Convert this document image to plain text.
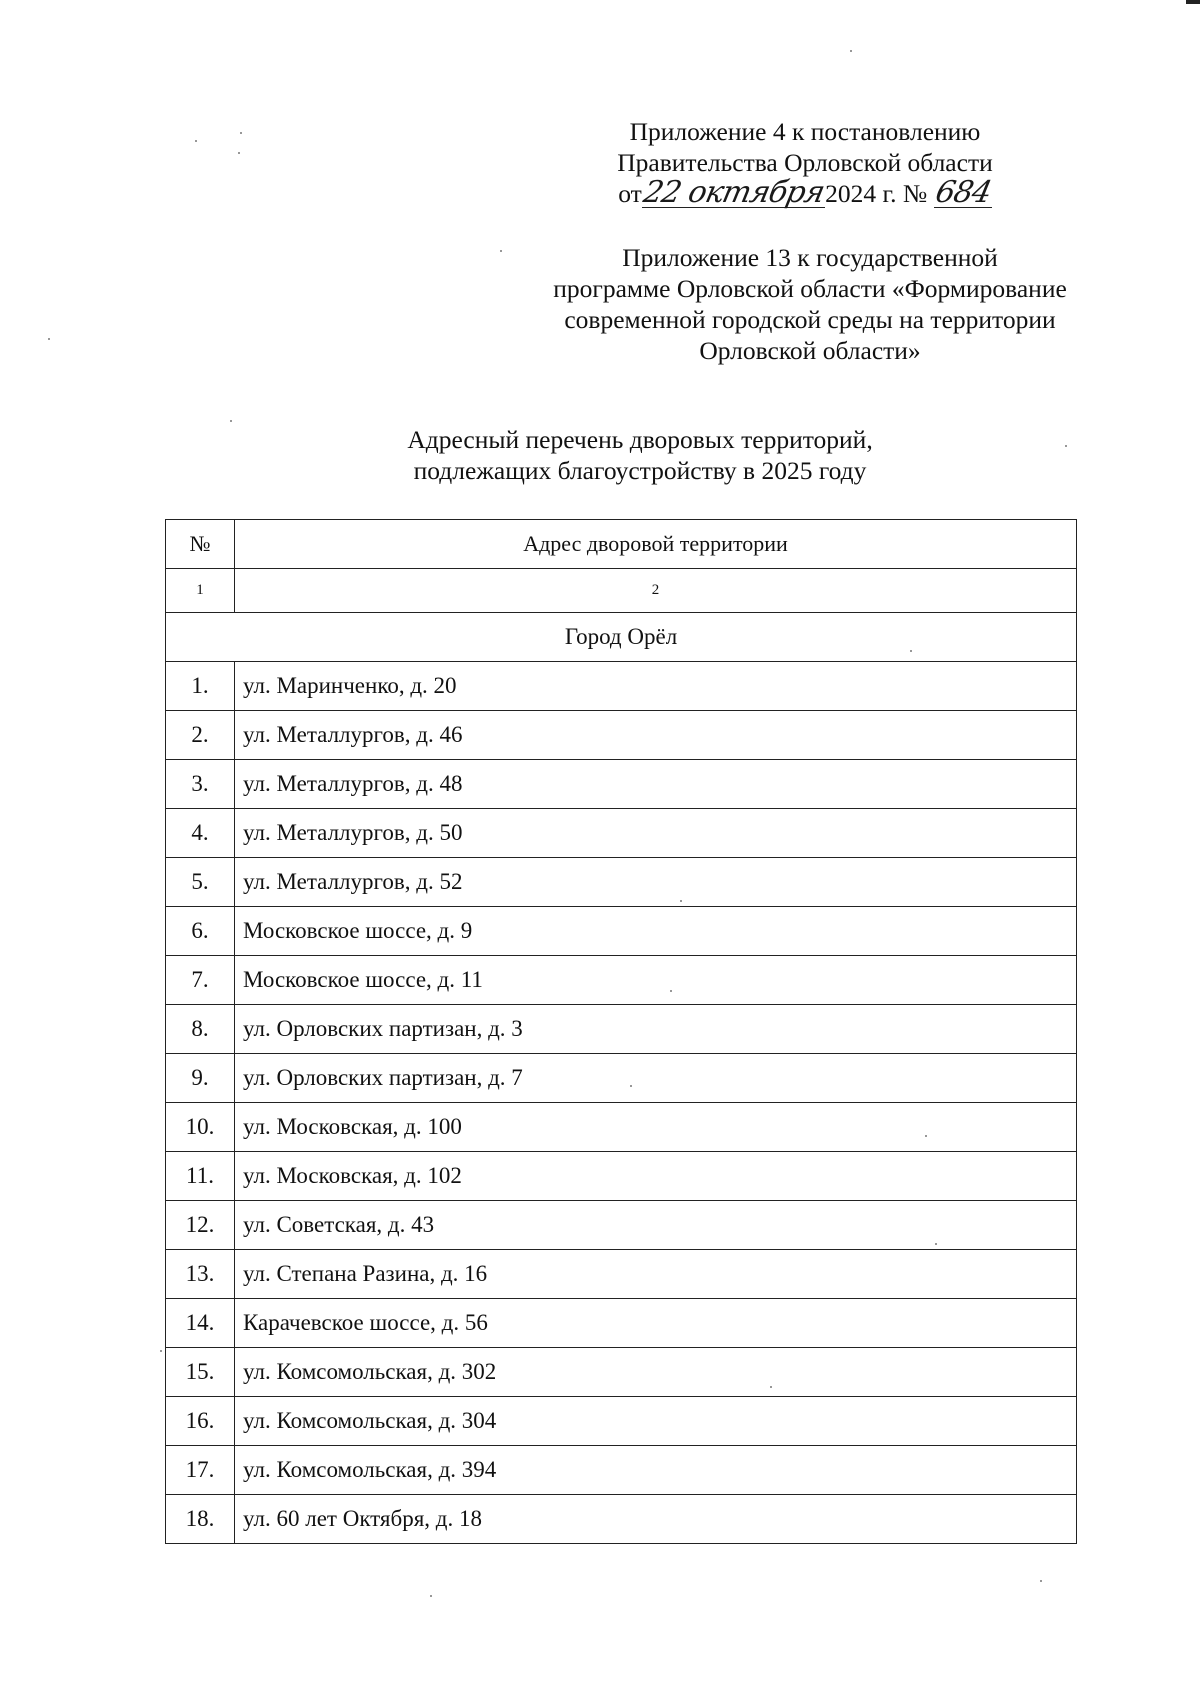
Приложение 4 к постановлению
Правительства Орловской области
от22 октября2024 г. № 684
Приложение 13 к государственной
программе Орловской области «Формирование
современной городской среды на территории
Орловской области»
Адресный перечень дворовых территорий,
подлежащих благоустройству в 2025 году
№	Адрес дворовой территории
1	2
Город Орёл	
1.	ул. Маринченко, д. 20
2.	ул. Металлургов, д. 46
3.	ул. Металлургов, д. 48
4.	ул. Металлургов, д. 50
5.	ул. Металлургов, д. 52
6.	Московское шоссе, д. 9
7.	Московское шоссе, д. 11
8.	ул. Орловских партизан, д. 3
9.	ул. Орловских партизан, д. 7
10.	ул. Московская, д. 100
11.	ул. Московская, д. 102
12.	ул. Советская, д. 43
13.	ул. Степана Разина, д. 16
14.	Карачевское шоссе, д. 56
15.	ул. Комсомольская, д. 302
16.	ул. Комсомольская, д. 304
17.	ул. Комсомольская, д. 394
18.	ул. 60 лет Октября, д. 18
